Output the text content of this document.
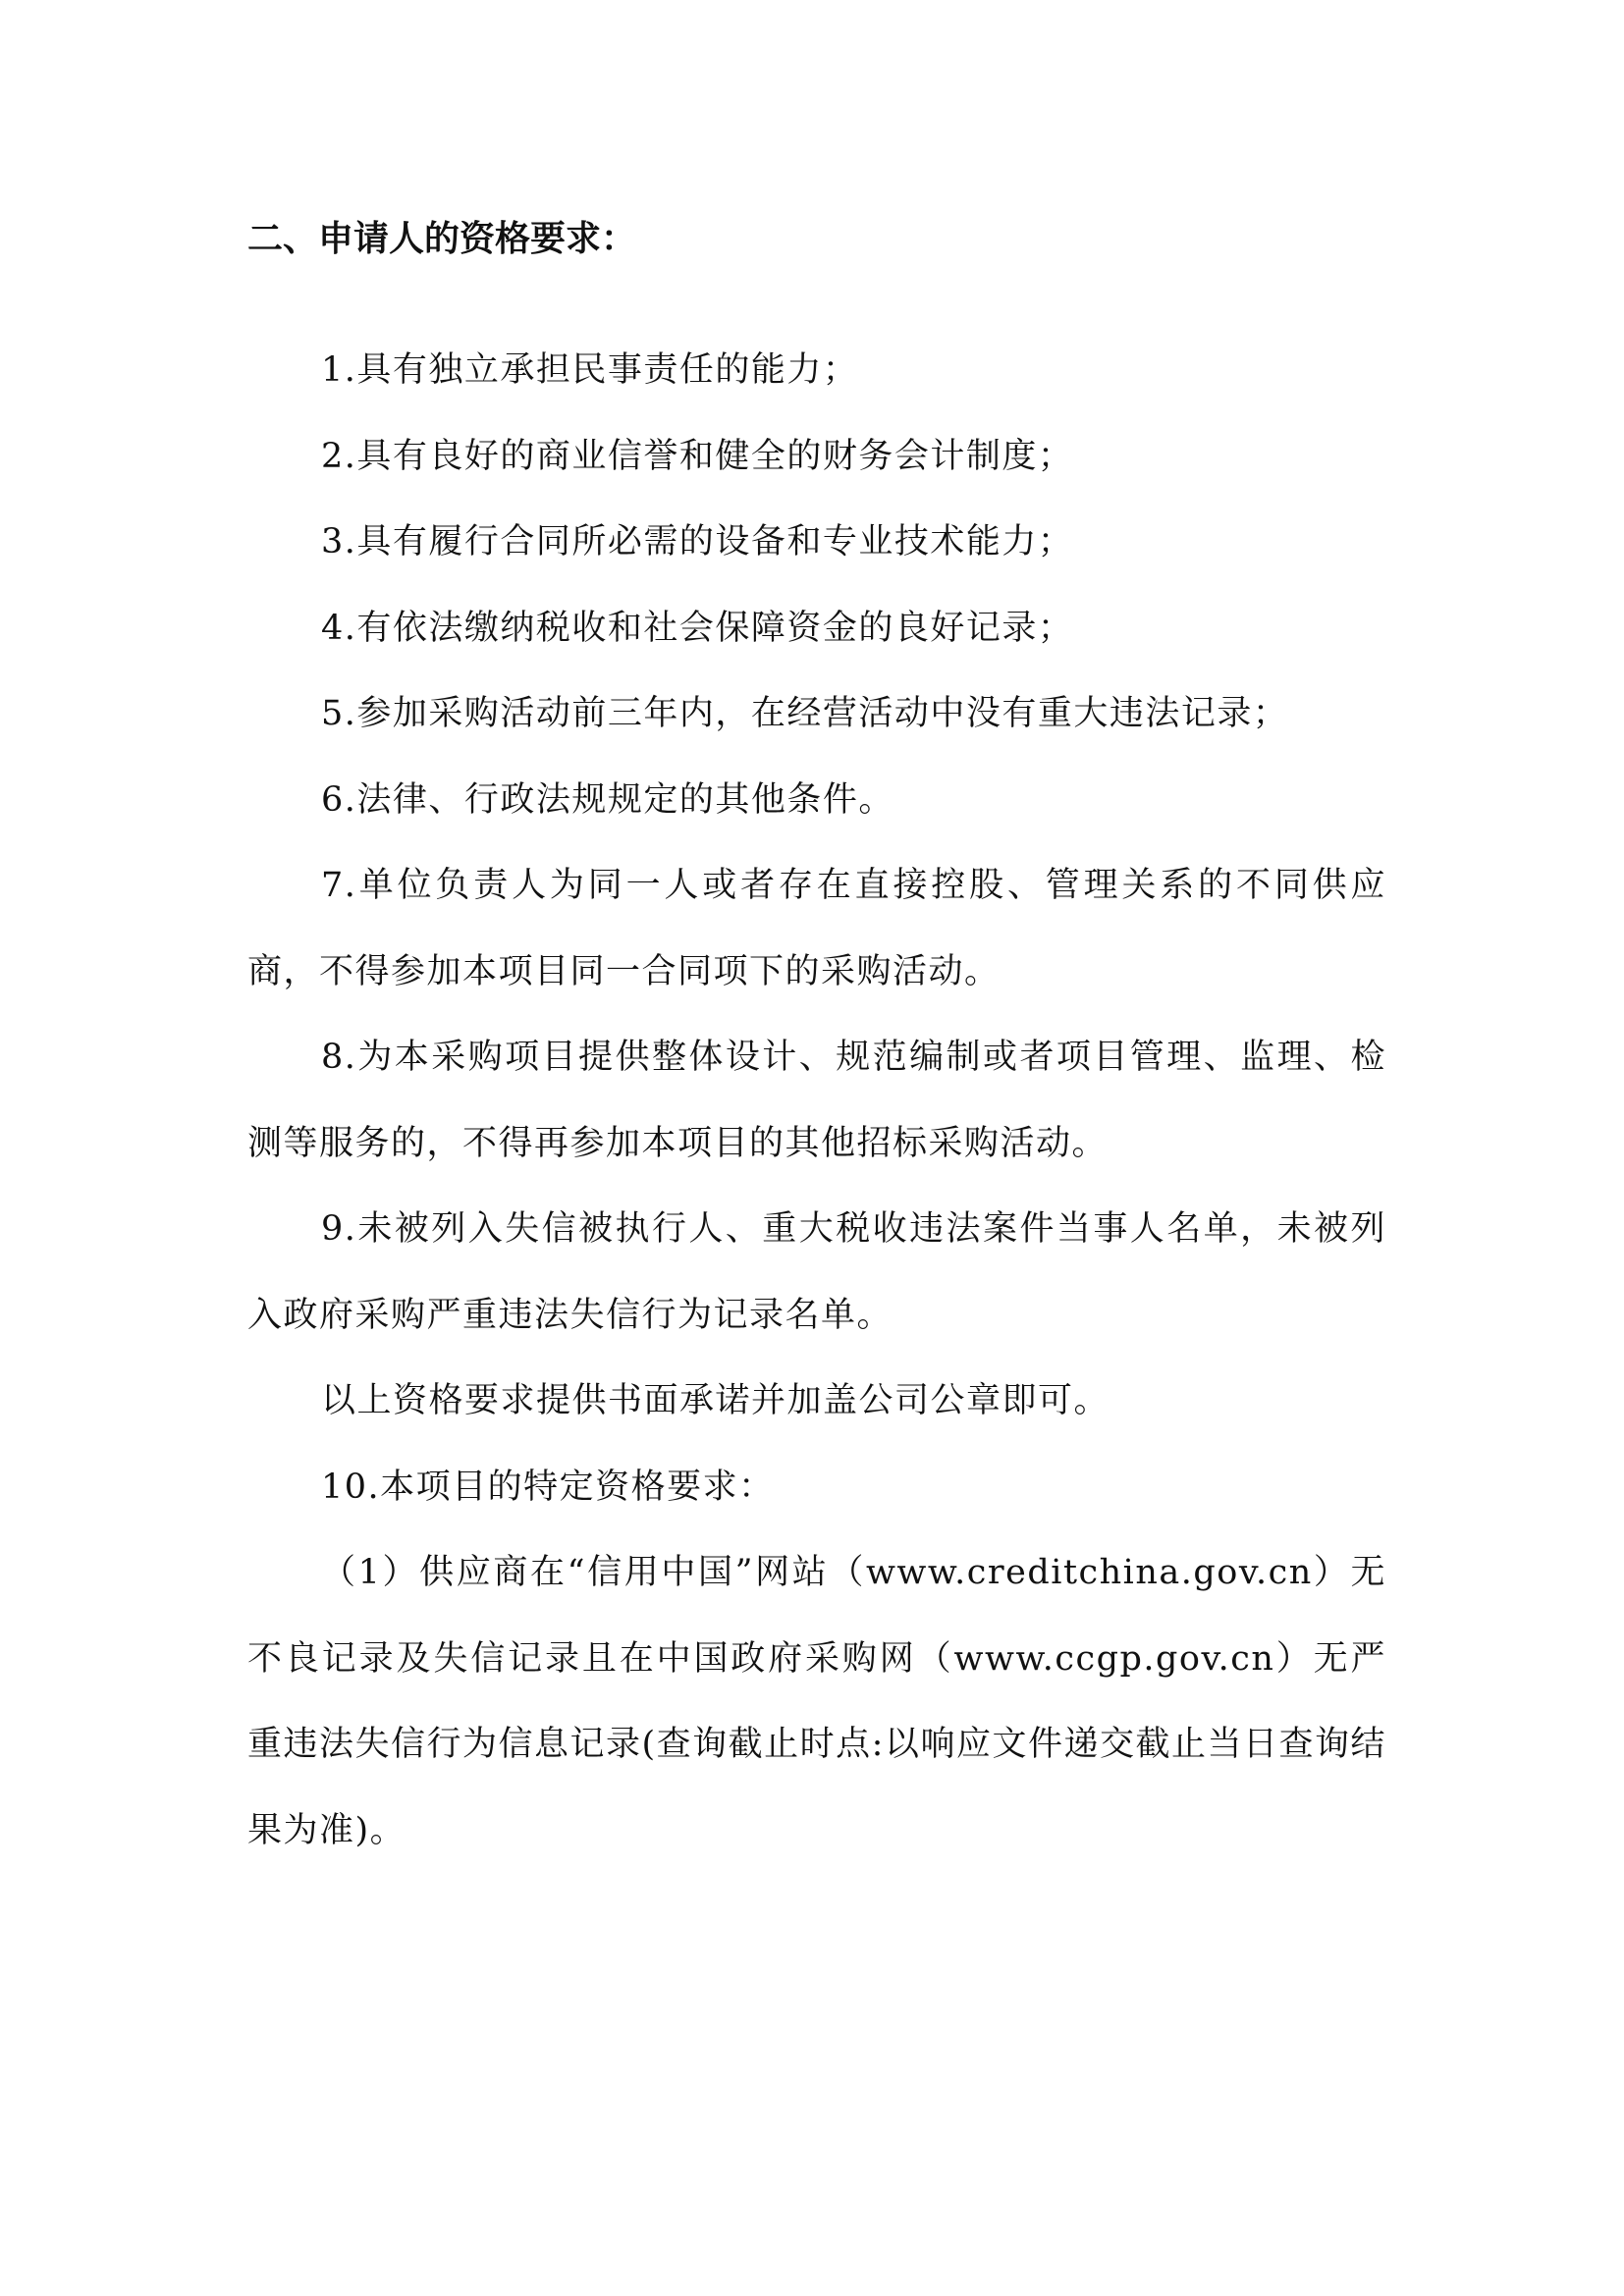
二、申请人的资格要求：

1.具有独立承担民事责任的能力；

2.具有良好的商业信誉和健全的财务会计制度；

3.具有履行合同所必需的设备和专业技术能力；

4.有依法缴纳税收和社会保障资金的良好记录；

5.参加采购活动前三年内，在经营活动中没有重大违法记录；

6.法律、行政法规规定的其他条件。

7.单位负责人为同一人或者存在直接控股、管理关系的不同供应商，不得参加本项目同一合同项下的采购活动。

8.为本采购项目提供整体设计、规范编制或者项目管理、监理、检测等服务的，不得再参加本项目的其他招标采购活动。

9.未被列入失信被执行人、重大税收违法案件当事人名单，未被列入政府采购严重违法失信行为记录名单。

以上资格要求提供书面承诺并加盖公司公章即可。

10.本项目的特定资格要求：

（1）供应商在“信用中国”网站（www.creditchina.gov.cn）无不良记录及失信记录且在中国政府采购网（www.ccgp.gov.cn）无严重违法失信行为信息记录(查询截止时点:以响应文件递交截止当日查询结果为准)。
